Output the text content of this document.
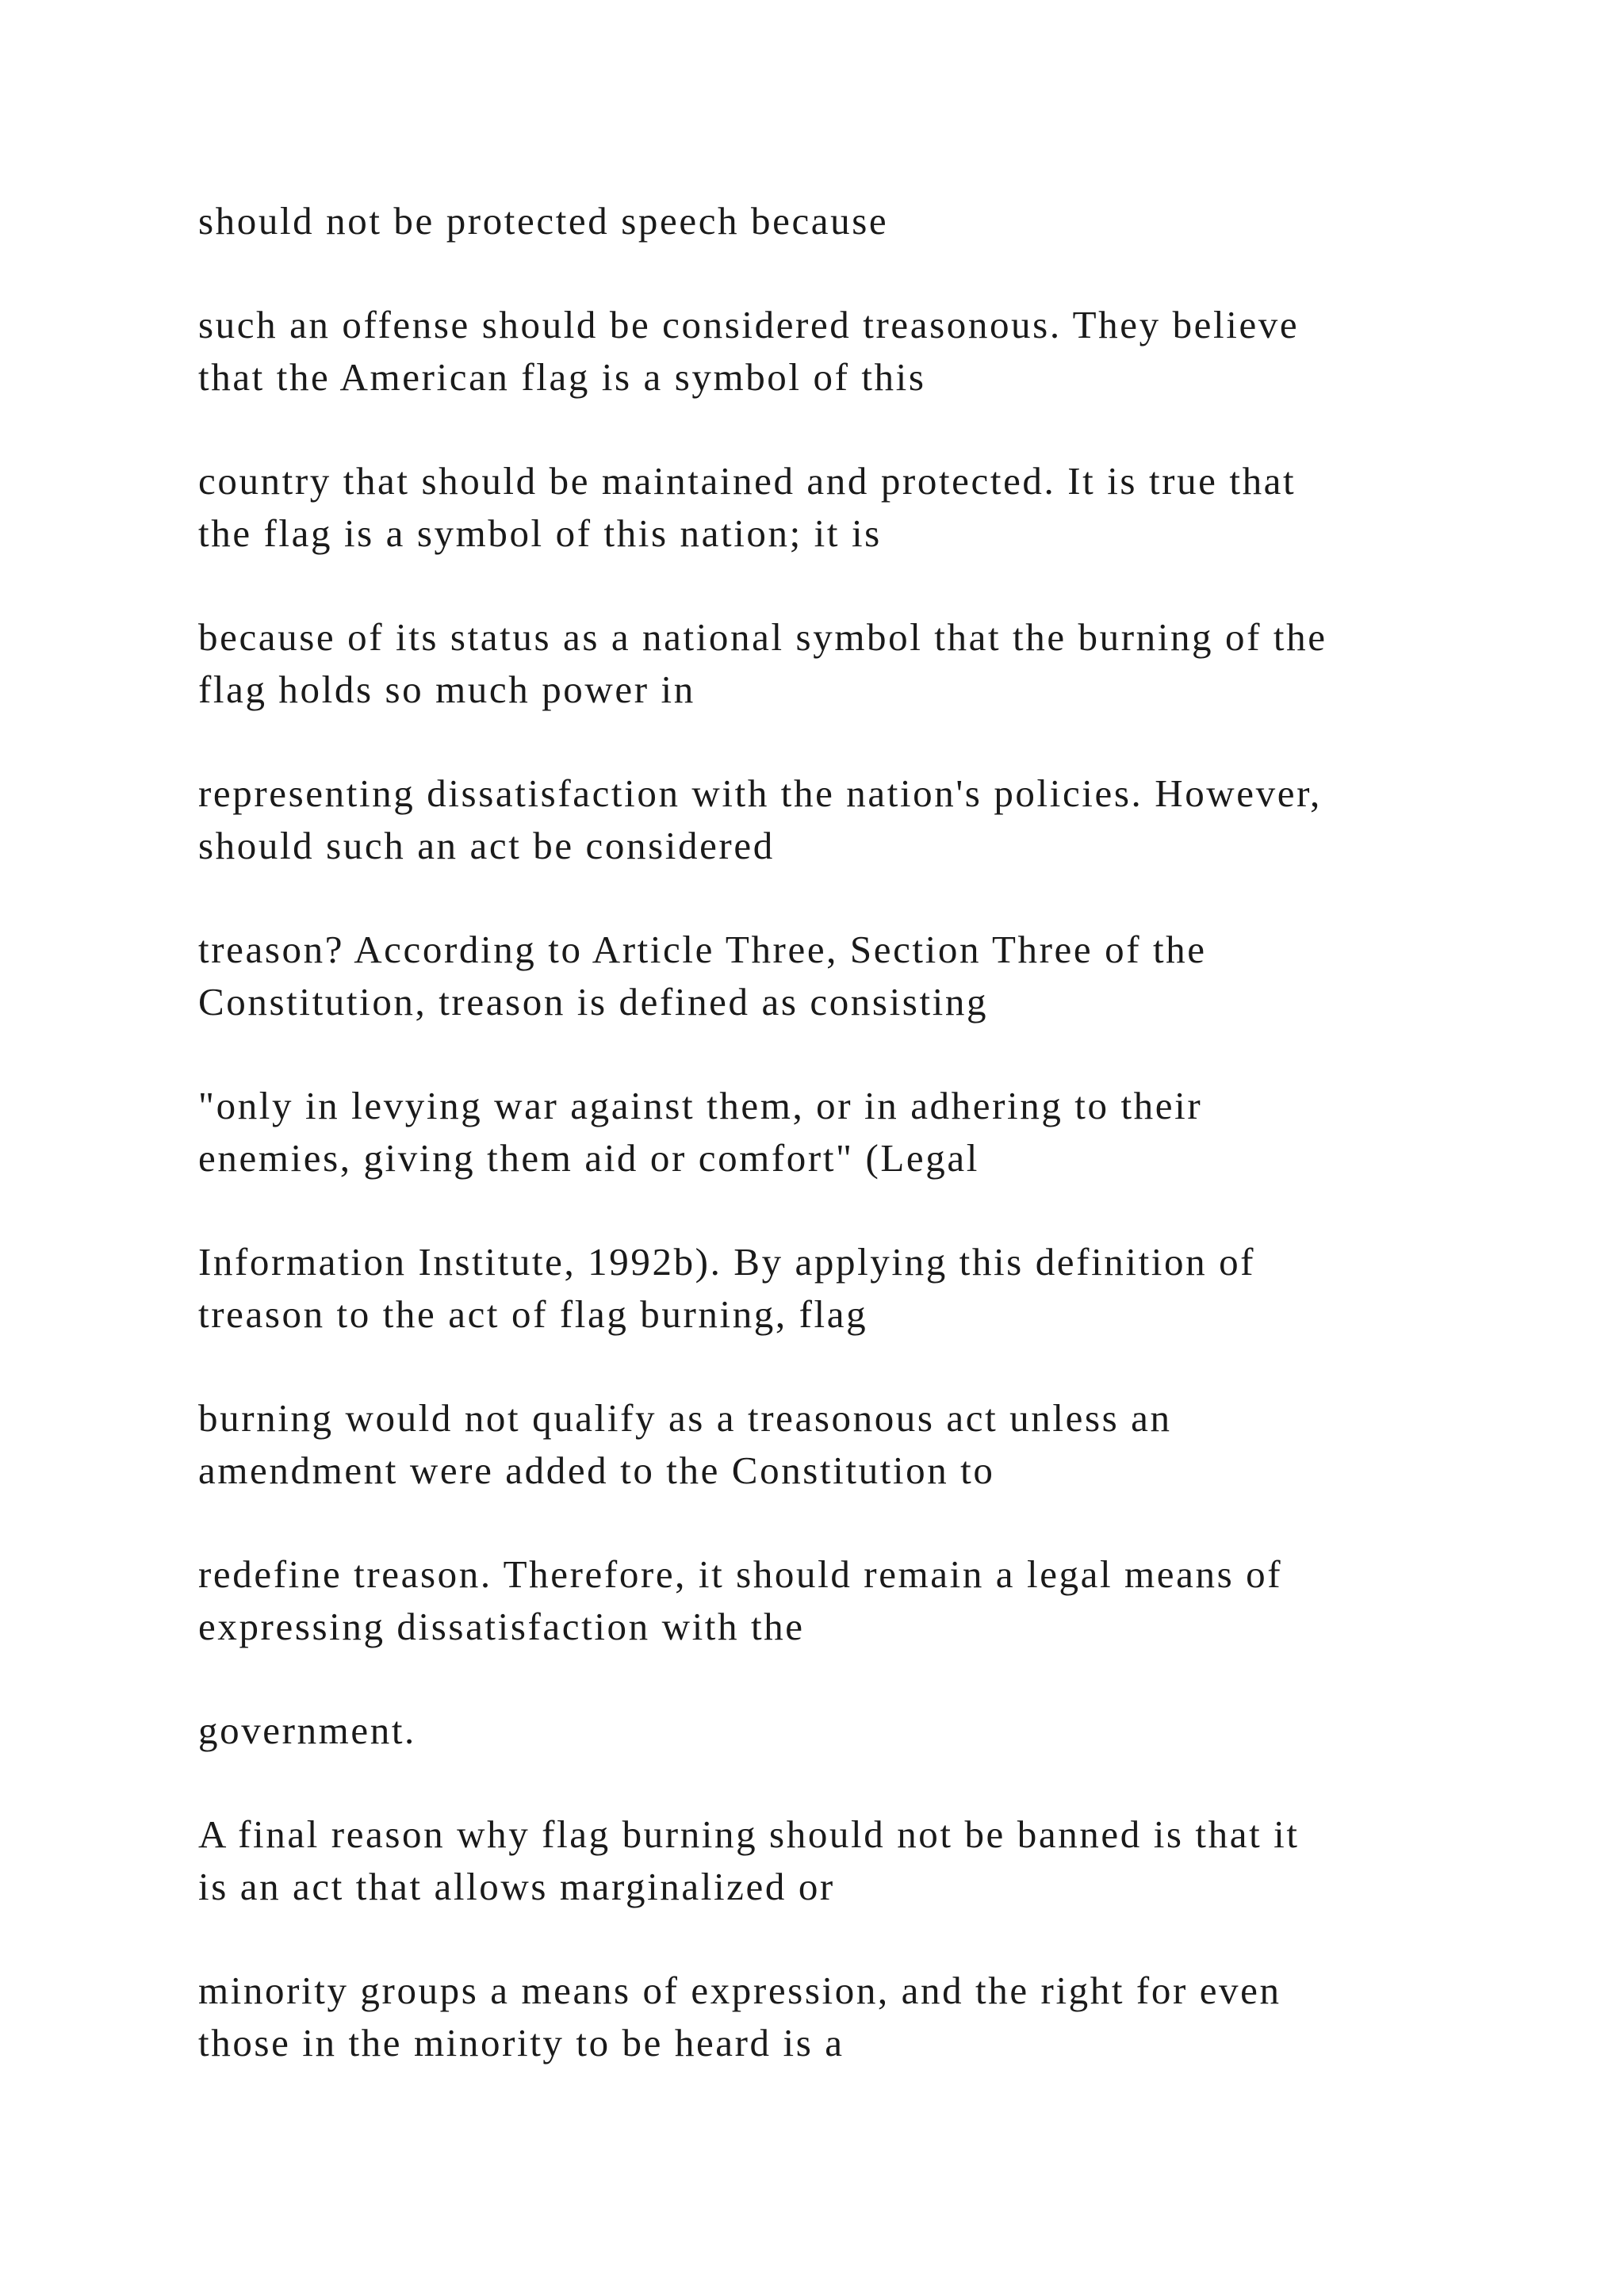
should not be protected speech because

such an offense should be considered treasonous. They believe
that the American flag is a symbol of this

country that should be maintained and protected. It is true that
the flag is a symbol of this nation; it is

because of its status as a national symbol that the burning of the
flag holds so much power in

representing dissatisfaction with the nation's policies. However,
should such an act be considered

treason? According to Article Three, Section Three of the
Constitution, treason is defined as consisting

"only in levying war against them, or in adhering to their
enemies, giving them aid or comfort" (Legal

Information Institute, 1992b). By applying this definition of
treason to the act of flag burning, flag

burning would not qualify as a treasonous act unless an
amendment were added to the Constitution to

redefine treason. Therefore, it should remain a legal means of
expressing dissatisfaction with the

government.

A final reason why flag burning should not be banned is that it
is an act that allows marginalized or

minority groups a means of expression, and the right for even
those in the minority to be heard is a
